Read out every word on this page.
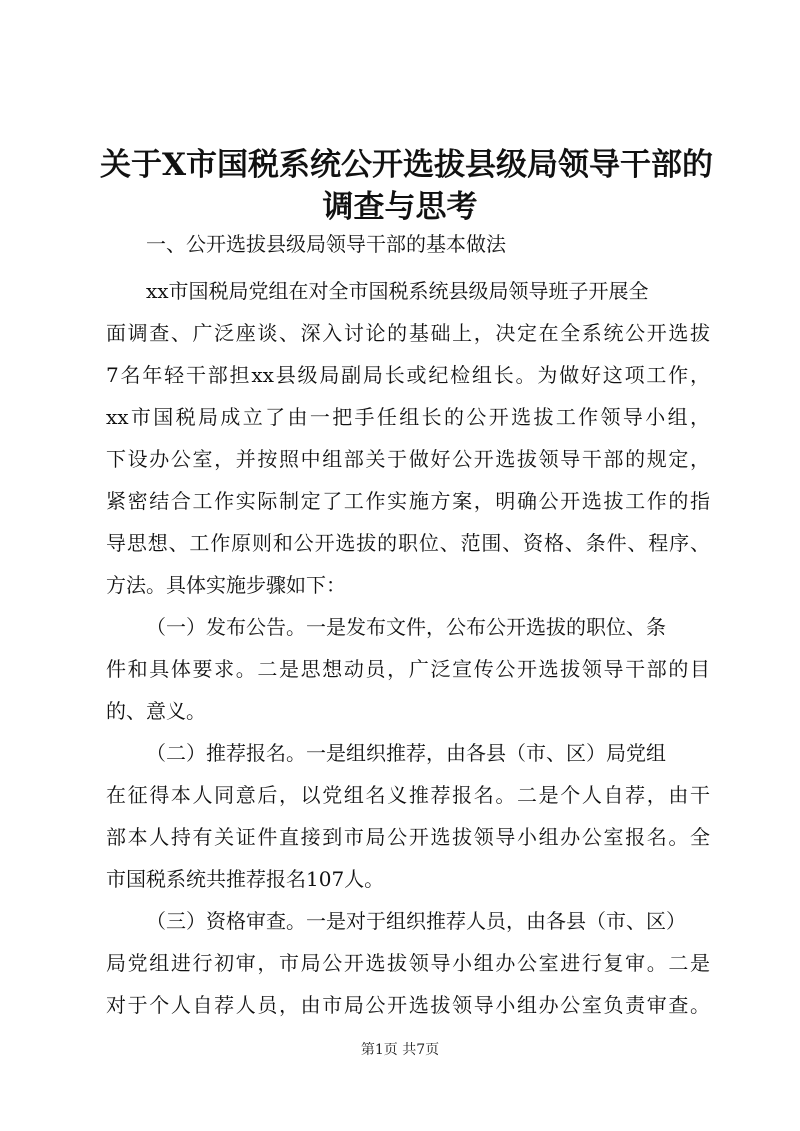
关于X市国税系统公开选拔县级局领导干部的
调查与思考
一、公开选拔县级局领导干部的基本做法
xx市国税局党组在对全市国税系统县级局领导班子开展全
面调查、广泛座谈、深入讨论的基础上，决定在全系统公开选拔
7名年轻干部担xx县级局副局长或纪检组长。为做好这项工作，
xx市国税局成立了由一把手任组长的公开选拔工作领导小组，
下设办公室，并按照中组部关于做好公开选拔领导干部的规定，
紧密结合工作实际制定了工作实施方案，明确公开选拔工作的指
导思想、工作原则和公开选拔的职位、范围、资格、条件、程序、
方法。具体实施步骤如下：
（一）发布公告。一是发布文件，公布公开选拔的职位、条
件和具体要求。二是思想动员，广泛宣传公开选拔领导干部的目
的、意义。
（二）推荐报名。一是组织推荐，由各县（市、区）局党组
在征得本人同意后，以党组名义推荐报名。二是个人自荐，由干
部本人持有关证件直接到市局公开选拔领导小组办公室报名。全
市国税系统共推荐报名107人。
（三）资格审查。一是对于组织推荐人员，由各县（市、区）
局党组进行初审，市局公开选拔领导小组办公室进行复审。二是
对于个人自荐人员，由市局公开选拔领导小组办公室负责审查。
第1页 共7页
